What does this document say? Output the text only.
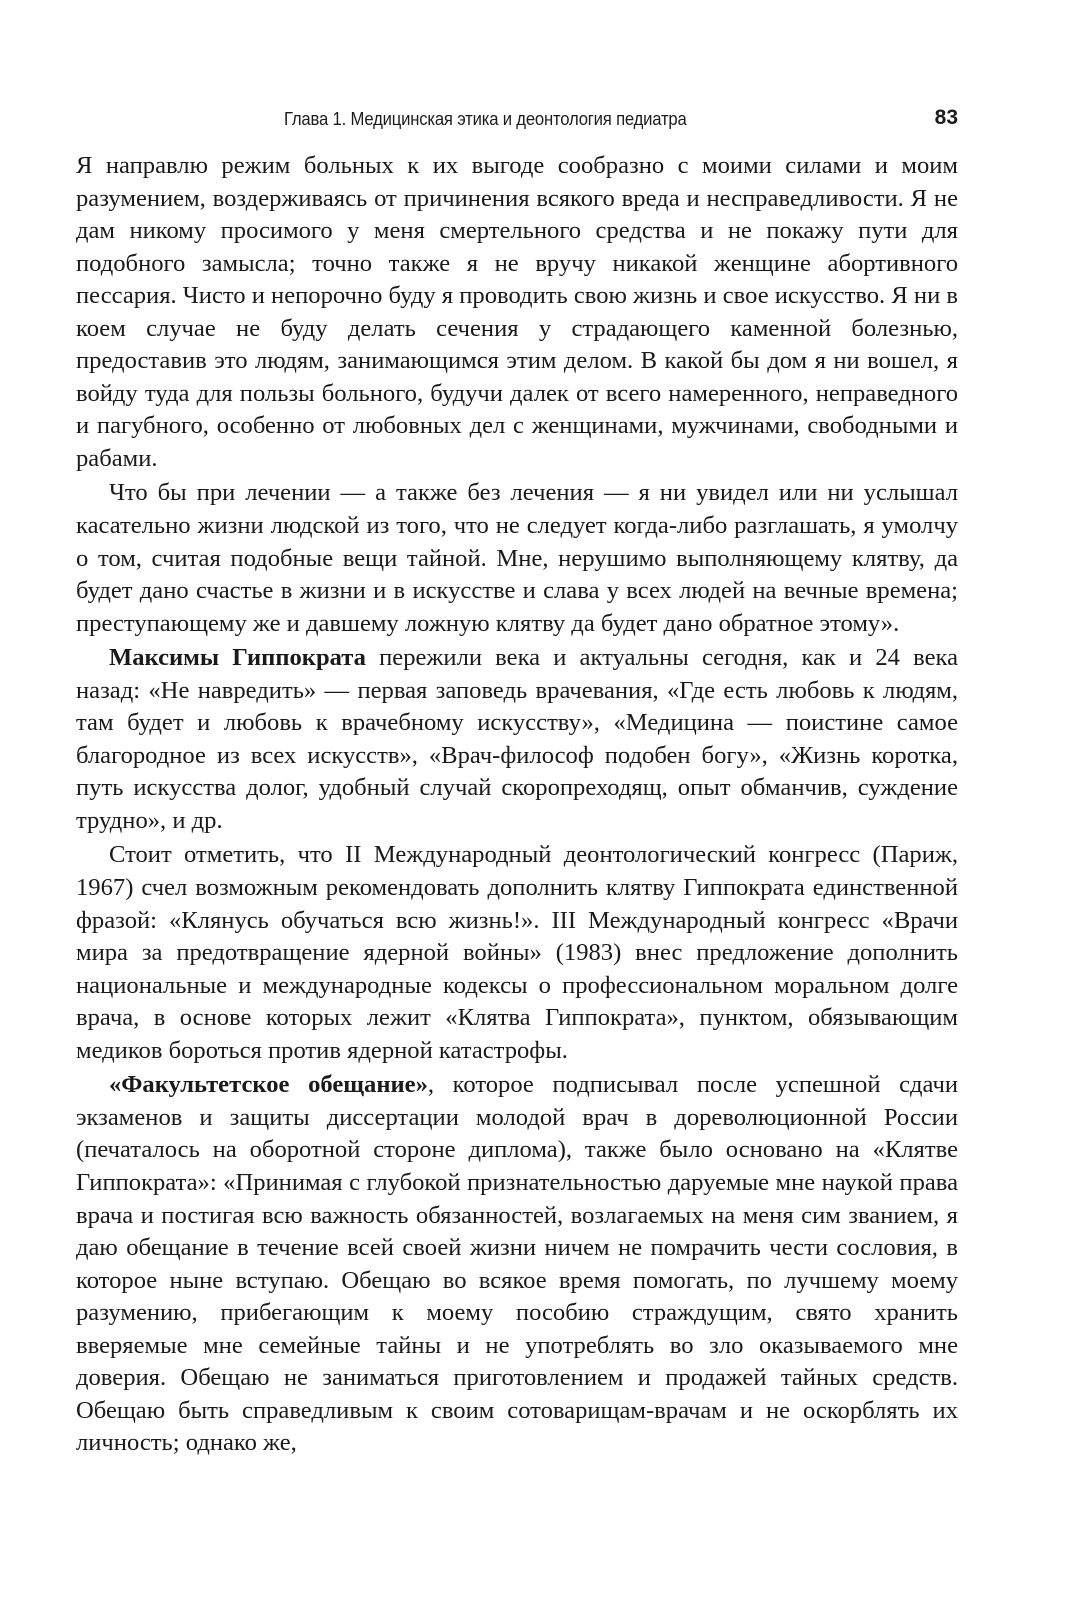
Глава 1. Медицинская этика и деонтология педиатра	83

Я направлю режим больных к их выгоде сообразно с моими силами и моим разумением, воздерживаясь от причинения всякого вреда и несправедливости. Я не дам никому просимого у меня смертельного средства и не покажу пути для подобного замысла; точно также я не вручу никакой женщине абортивного пессария. Чисто и непорочно буду я проводить свою жизнь и свое искусство. Я ни в коем случае не буду делать сечения у страдающего каменной болезнью, предоставив это людям, занимающимся этим делом. В какой бы дом я ни вошел, я войду туда для пользы больного, будучи далек от всего намеренного, неправедного и пагубного, особенно от любовных дел с женщинами, мужчинами, свободными и рабами.

Что бы при лечении — а также без лечения — я ни увидел или ни услышал касательно жизни людской из того, что не следует когда-либо разглашать, я умолчу о том, считая подобные вещи тайной. Мне, нерушимо выполняющему клятву, да будет дано счастье в жизни и в искусстве и слава у всех людей на вечные времена; преступающему же и давшему ложную клятву да будет дано обратное этому».

Максимы Гиппократа пережили века и актуальны сегодня, как и 24 века назад: «Не навредить» — первая заповедь врачевания, «Где есть любовь к людям, там будет и любовь к врачебному искусству», «Медицина — поистине самое благородное из всех искусств», «Врач-философ подобен богу», «Жизнь коротка, путь искусства долог, удобный случай скоропреходящ, опыт обманчив, суждение трудно», и др.

Стоит отметить, что II Международный деонтологический конгресс (Париж, 1967) счел возможным рекомендовать дополнить клятву Гиппократа единственной фразой: «Клянусь обучаться всю жизнь!». III Международный конгресс «Врачи мира за предотвращение ядерной войны» (1983) внес предложение дополнить национальные и международные кодексы о профессиональном моральном долге врача, в основе которых лежит «Клятва Гиппократа», пунктом, обязывающим медиков бороться против ядерной катастрофы.

«Факультетское обещание», которое подписывал после успешной сдачи экзаменов и защиты диссертации молодой врач в дореволюционной России (печаталось на оборотной стороне диплома), также было основано на «Клятве Гиппократа»: «Принимая с глубокой признательностью даруемые мне наукой права врача и постигая всю важность обязанностей, возлагаемых на меня сим званием, я даю обещание в течение всей своей жизни ничем не помрачить чести сословия, в которое ныне вступаю. Обещаю во всякое время помогать, по лучшему моему разумению, прибегающим к моему пособию страждущим, свято хранить вверяемые мне семейные тайны и не употреблять во зло оказываемого мне доверия. Обещаю не заниматься приготовлением и продажей тайных средств. Обещаю быть справедливым к своим сотоварищам-врачам и не оскорблять их личность; однако же,
